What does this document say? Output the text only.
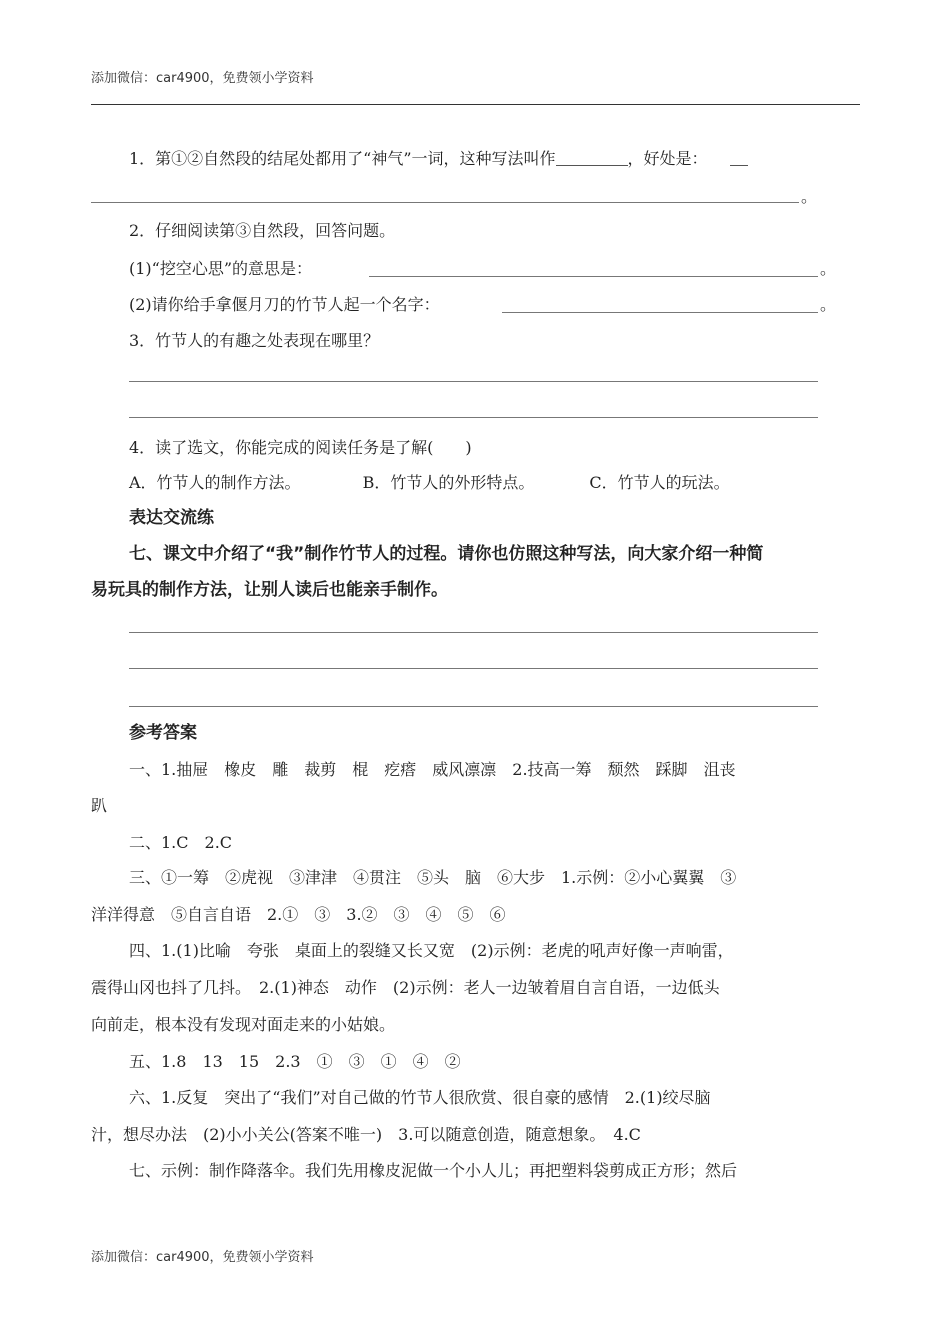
添加微信：car4900，免费领小学资料
1．第①②自然段的结尾处都用了“神气”一词，这种写法叫作	，好处是：
。
2．仔细阅读第③自然段，回答问题。
(1)“挖空心思”的意思是：	。
(2)请你给手拿偃月刀的竹节人起一个名字：	。
3．竹节人的有趣之处表现在哪里？
4．读了选文，你能完成的阅读任务是了解(　　)
A．竹节人的制作方法。	B．竹节人的外形特点。	C．竹节人的玩法。
表达交流练
七、课文中介绍了“我”制作竹节人的过程。请你也仿照这种写法，向大家介绍一种简
易玩具的制作方法，让别人读后也能亲手制作。
参考答案
一、1.抽屉　橡皮　雕　裁剪　棍　疙瘩　威风凛凛　2.技高一筹　颓然　踩脚　沮丧
趴
二、1.C　2.C
三、①一筹　②虎视　③津津　④贯注　⑤头　脑　⑥大步　1.示例：②小心翼翼　③
洋洋得意　⑤自言自语　2.①　③　3.②　③　④　⑤　⑥
四、1.(1)比喻　夸张　桌面上的裂缝又长又宽　(2)示例：老虎的吼声好像一声响雷，
震得山冈也抖了几抖。　2.(1)神态　动作　(2)示例：老人一边皱着眉自言自语，一边低头
向前走，根本没有发现对面走来的小姑娘。
五、1.8　13　15　2.3　①　③　①　④　②
六、1.反复　突出了“我们”对自己做的竹节人很欣赏、很自豪的感情　2.(1)绞尽脑
汁，想尽办法　(2)小小关公(答案不唯一)　3.可以随意创造，随意想象。　4.C
七、示例：制作降落伞。我们先用橡皮泥做一个小人儿；再把塑料袋剪成正方形；然后
添加微信：car4900，免费领小学资料
